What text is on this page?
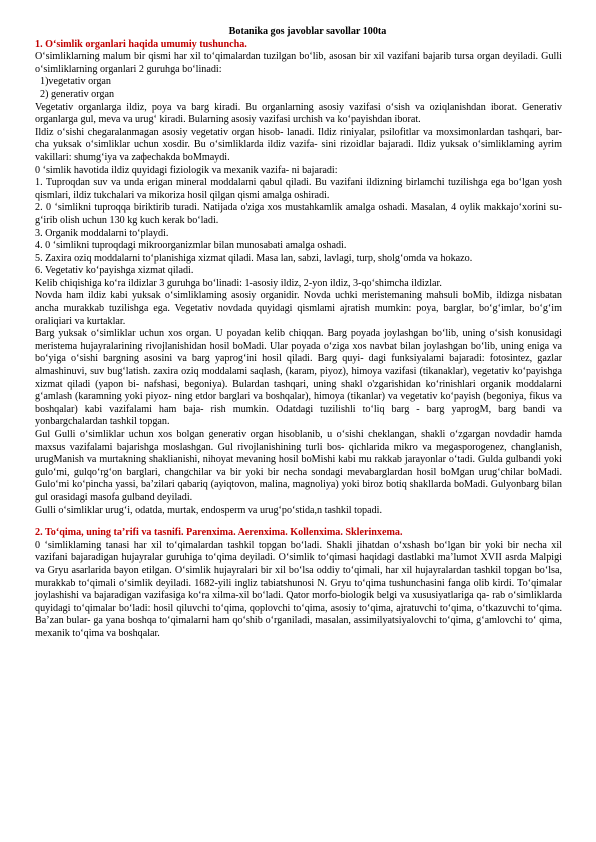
Botanika gos javoblar savollar 100ta
1. O‘simlik organlari haqida umumiy tushuncha.

O‘simliklarning malum bir qismi har xil to‘qimalardan tuzilgan bo‘lib, asosan bir xil vazifani bajarib tursa organ deyiladi. Gulli o‘simliklarning organlari 2 guruhga bo‘linadi:

1)vegetativ organ
2) generativ organ

Vegetativ organlarga ildiz, poya va barg kiradi. Bu organlarning asosiy vazifasi o‘sish va oziqlanishdan iborat. Generativ organlarga gul, meva va urug‘ kiradi. Bularning asosiy vazifasi urchish va ko‘payishdan iborat.

Ildiz o‘sishi chegaralanmagan asosiy vegetativ organ hisob- lanadi. Ildiz riniyalar, psilofitlar va moxsimonlardan tashqari, bar- cha yuksak o‘simliklar uchun xosdir. Bu o‘simliklarda ildiz vazifa- sini rizoidlar bajaradi. Ildiz yuksak o‘simliklaming ayrim vakillari: shumg‘iya va zaфechakda boMmaydi.

0 ‘simlik havotida ildiz quyidagi fiziologik va mexanik vazifa- ni bajaradi:

1. Tuproqdan suv va unda erigan mineral moddalarni qabul qiladi. Bu vazifani ildizning birlamchi tuzilishga ega bo‘lgan yosh qismlari, ildiz tukchalari va mikoriza hosil qilgan qismi amalga oshiradi.

2. 0 ‘simlikni tuproqqa biriktirib turadi. Natijada o'ziga xos mustahkamlik amalga oshadi. Masalan, 4 oylik makkajo‘xorini su- g‘irib olish uchun 130 kg kuch kerak bo‘ladi.

3. Organik moddalarni to‘playdi.

4. 0 ‘simlikni tuproqdagi mikroorganizmlar bilan munosabati amalga oshadi.

5. Zaxira oziq moddalarni to‘planishiga xizmat qiladi. Masa lan, sabzi, lavlagi, turp, sholg‘omda va hokazo.

6. Vegetativ ko‘payishga xizmat qiladi.

Kelib chiqishiga ko‘ra ildizlar 3 guruhga bo‘linadi: 1-asosiy ildiz, 2-yon ildiz, 3-qo‘shimcha ildizlar.

Novda ham ildiz kabi yuksak o‘simliklaming asosiy organidir. Novda uchki meristemaning mahsuli boMib, ildizga nisbatan ancha murakkab tuzilishga ega. Vegetativ novdada quyidagi qismlami ajratish mumkin: poya, barglar, bo‘g‘imlar, bo‘g‘im oraliqiari va kurtaklar.

Barg yuksak o‘simliklar uchun xos organ. U poyadan kelib chiqqan. Barg poyada joylashgan bo‘lib, uning o‘sish konusidagi meristema hujayralarining rivojlanishidan hosil boMadi. Ular poyada o‘ziga xos navbat bilan joylashgan bo‘lib, uning eniga va bo‘yiga o‘sishi bargning asosini va barg yaprog‘ini hosil qiladi. Barg quyi- dagi funksiyalami bajaradi: fotosintez, gazlar almashinuvi, suv bug‘latish. zaxira oziq moddalami saqlash, (karam, piyoz), himoya vazifasi (tikanaklar), vegetativ ko‘payishga xizmat qiladi (yapon bi- nafshasi, begoniya). Bulardan tashqari, uning shakl o'zgarishidan ko‘rinishlari organik moddalarni g‘amlash (karamning yoki piyoz- ning etdor barglari va boshqalar), himoya (tikanlar) va vegetativ ko‘payish (begoniya, fikus va boshqalar) kabi vazifalami ham baja- rish mumkin. Odatdagi tuzilishli to‘liq barg - barg yaprogM, barg bandi va yonbargchalardan tashkil topgan.

Gul Gulli o‘simliklar uchun xos bolgan generativ organ hisoblanib, u o‘sishi cheklangan, shakli o‘zgargan novdadir hamda maxsus vazifalami bajarishga moslashgan. Gul rivojlanishining turli bos- qichlarida mikro va megasporogenez, changlanish, urugManish va murtakning shaklianishi, nihoyat mevaning hosil boMishi kabi mu rakkab jarayonlar o‘tadi. Gulda gulbandi yoki gulo‘mi, gulqo‘rg‘on barglari, changchilar va bir yoki bir necha sondagi mevabarglardan hosil boMgan urug‘chilar boMadi. Gulo‘mi ko‘pincha yassi, ba’zilari qabariq (ayiqtovon, malina, magnoliya) yoki biroz botiq shakllarda boMadi. Gulyonbarg bilan gul orasidagi masofa gulband deyiladi.

Gulli o‘simliklar urug‘i, odatda, murtak, endosperm va urug‘po‘stida,n tashkil topadi.

2. To‘qima, uning ta’rifi va tasnifi. Parenxima. Aerenxima. Kollenxima. Sklerinxema.

0 ‘simliklaming tanasi har xil to‘qimalardan tashkil topgan bo‘ladi. Shakli jihatdan o‘xshash bo‘lgan bir yoki bir necha xil vazifani bajaradigan hujayralar guruhiga to‘qima deyiladi. O‘simlik to‘qimasi haqidagi dastlabki ma’lumot XVII asrda Malpigi va Gryu asarlarida bayon etilgan. O‘simlik hujayralari bir xil bo‘lsa oddiy to‘qimali, har xil hujayralardan tashkil topgan bo‘lsa, murakkab to‘qimali o‘simlik deyiladi. 1682-yili ingliz tabiatshunosi N. Gryu to‘qima tushunchasini fanga olib kirdi. To‘qimalar joylashishi va bajaradigan vazifasiga ko‘ra xilma-xil bo‘ladi. Qator morfo-biologik belgi va xususiyatlariga qa- rab o‘simliklarda quyidagi to‘qimalar bo‘ladi: hosil qiluvchi to‘qima, qoplovchi to‘qima, asosiy to‘qima, ajratuvchi to‘qima, o‘tkazuvchi to‘qima. Ba’zan bular- ga yana boshqa to‘qimalarni ham qo‘shib o‘rganiladi, masalan, assimilyatsiyalovchi to‘qima, g‘amlovchi to‘ qima, mexanik to‘qima va boshqalar.
